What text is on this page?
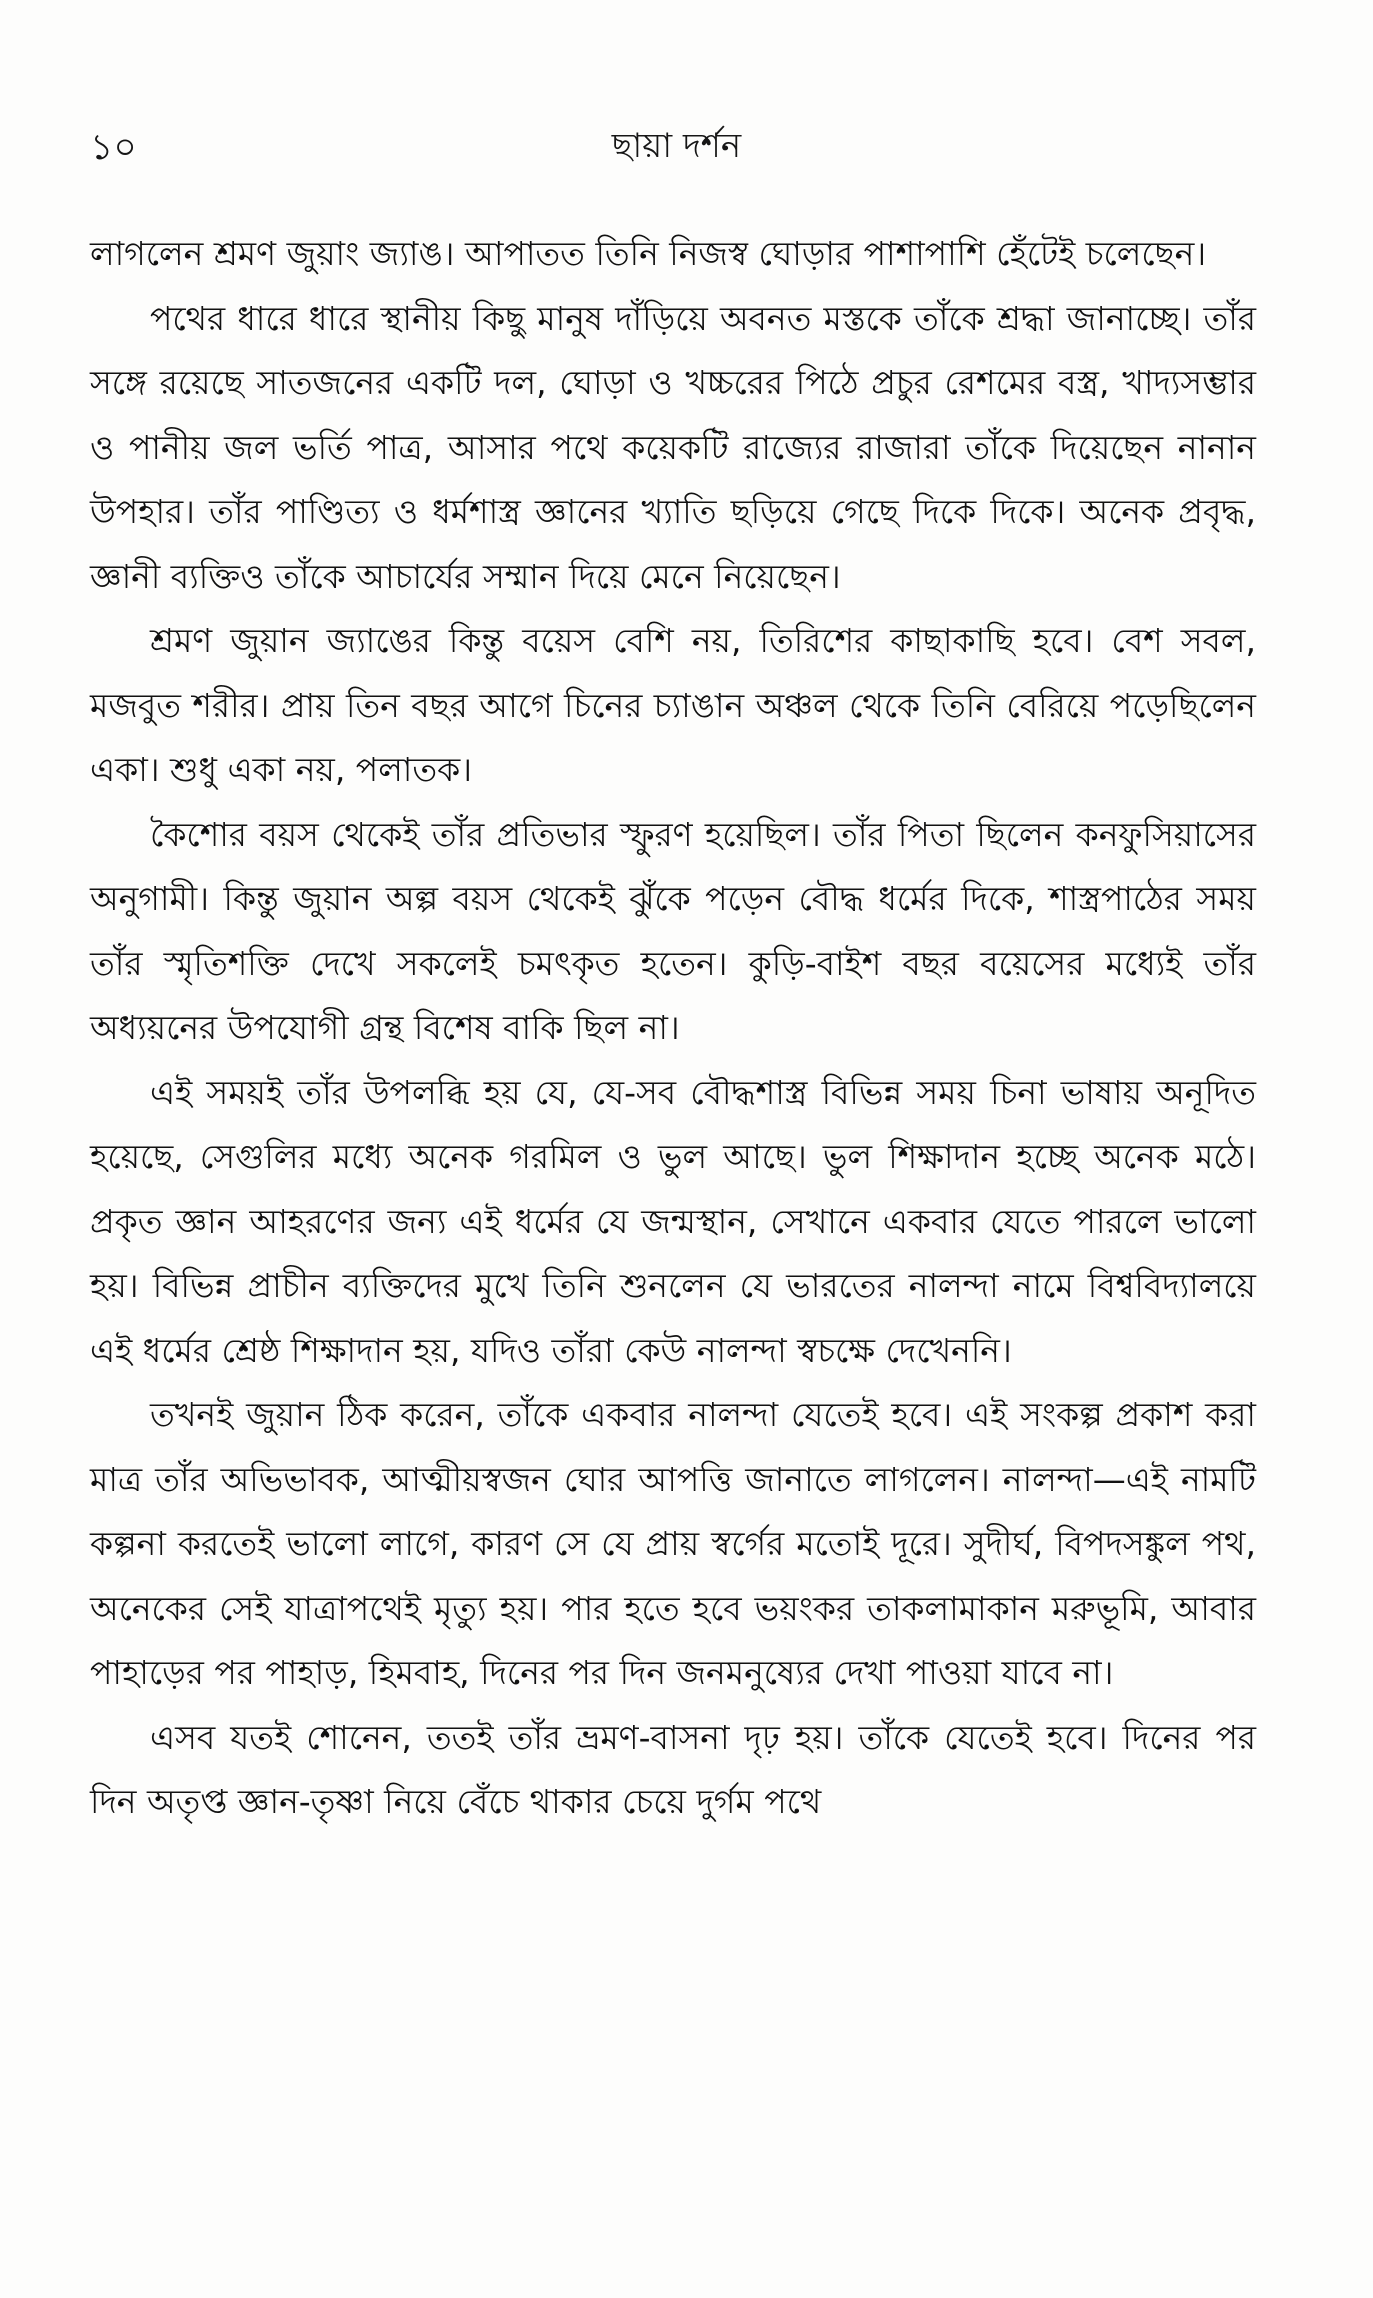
১০	ছায়া দর্শন

লাগলেন শ্রমণ জুয়াং জ্যাঙ। আপাতত তিনি নিজস্ব ঘোড়ার পাশাপাশি হেঁটেই চলেছেন।

পথের ধারে ধারে স্থানীয় কিছু মানুষ দাঁড়িয়ে অবনত মস্তকে তাঁকে শ্রদ্ধা জানাচ্ছে। তাঁর সঙ্গে রয়েছে সাতজনের একটি দল, ঘোড়া ও খচ্চরের পিঠে প্রচুর রেশমের বস্ত্র, খাদ্যসম্ভার ও পানীয় জল ভর্তি পাত্র, আসার পথে কয়েকটি রাজ্যের রাজারা তাঁকে দিয়েছেন নানান উপহার। তাঁর পাণ্ডিত্য ও ধর্মশাস্ত্র জ্ঞানের খ্যাতি ছড়িয়ে গেছে দিকে দিকে। অনেক প্রবৃদ্ধ, জ্ঞানী ব্যক্তিও তাঁকে আচার্যের সম্মান দিয়ে মেনে নিয়েছেন।

শ্রমণ জুয়ান জ্যাঙের কিন্তু বয়েস বেশি নয়, তিরিশের কাছাকাছি হবে। বেশ সবল, মজবুত শরীর। প্রায় তিন বছর আগে চিনের চ্যাঙান অঞ্চল থেকে তিনি বেরিয়ে পড়েছিলেন একা। শুধু একা নয়, পলাতক।

কৈশোর বয়স থেকেই তাঁর প্রতিভার স্ফুরণ হয়েছিল। তাঁর পিতা ছিলেন কনফুসিয়াসের অনুগামী। কিন্তু জুয়ান অল্প বয়স থেকেই ঝুঁকে পড়েন বৌদ্ধ ধর্মের দিকে, শাস্ত্রপাঠের সময় তাঁর স্মৃতিশক্তি দেখে সকলেই চমৎকৃত হতেন। কুড়ি-বাইশ বছর বয়েসের মধ্যেই তাঁর অধ্যয়নের উপযোগী গ্রন্থ বিশেষ বাকি ছিল না।

এই সময়ই তাঁর উপলব্ধি হয় যে, যে-সব বৌদ্ধশাস্ত্র বিভিন্ন সময় চিনা ভাষায় অনূদিত হয়েছে, সেগুলির মধ্যে অনেক গরমিল ও ভুল আছে। ভুল শিক্ষাদান হচ্ছে অনেক মঠে। প্রকৃত জ্ঞান আহরণের জন্য এই ধর্মের যে জন্মস্থান, সেখানে একবার যেতে পারলে ভালো হয়। বিভিন্ন প্রাচীন ব্যক্তিদের মুখে তিনি শুনলেন যে ভারতের নালন্দা নামে বিশ্ববিদ্যালয়ে এই ধর্মের শ্রেষ্ঠ শিক্ষাদান হয়, যদিও তাঁরা কেউ নালন্দা স্বচক্ষে দেখেননি।

তখনই জুয়ান ঠিক করেন, তাঁকে একবার নালন্দা যেতেই হবে। এই সংকল্প প্রকাশ করা মাত্র তাঁর অভিভাবক, আত্মীয়স্বজন ঘোর আপত্তি জানাতে লাগলেন। নালন্দা—এই নামটি কল্পনা করতেই ভালো লাগে, কারণ সে যে প্রায় স্বর্গের মতোই দূরে। সুদীর্ঘ, বিপদসঙ্কুল পথ, অনেকের সেই যাত্রাপথেই মৃত্যু হয়। পার হতে হবে ভয়ংকর তাকলামাকান মরুভূমি, আবার পাহাড়ের পর পাহাড়, হিমবাহ, দিনের পর দিন জনমনুষ্যের দেখা পাওয়া যাবে না।

এসব যতই শোনেন, ততই তাঁর ভ্রমণ-বাসনা দৃঢ় হয়। তাঁকে যেতেই হবে। দিনের পর দিন অতৃপ্ত জ্ঞান-তৃষ্ণা নিয়ে বেঁচে থাকার চেয়ে দুর্গম পথে
